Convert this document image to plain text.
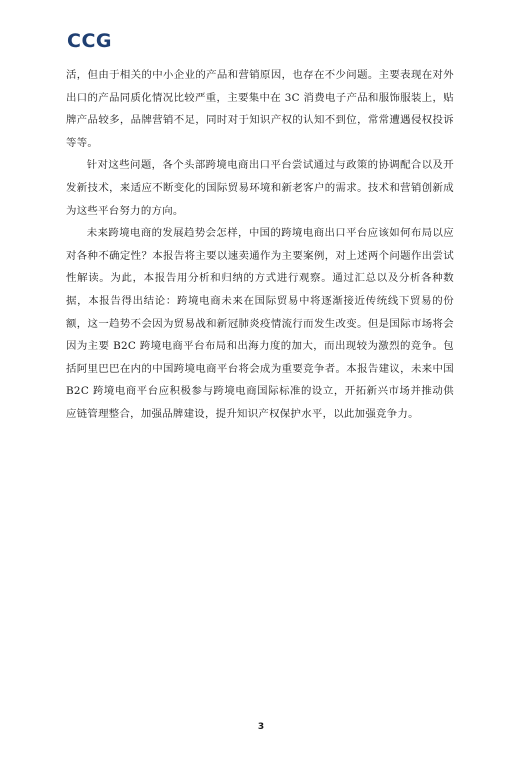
CCG

活，但由于相关的中小企业的产品和营销原因，也存在不少问题。主要表现在对外出口的产品同质化情况比较严重，主要集中在 3C 消费电子产品和服饰服装上，贴牌产品较多，品牌营销不足，同时对于知识产权的认知不到位，常常遭遇侵权投诉等等。

针对这些问题，各个头部跨境电商出口平台尝试通过与政策的协调配合以及开发新技术，来适应不断变化的国际贸易环境和新老客户的需求。技术和营销创新成为这些平台努力的方向。

未来跨境电商的发展趋势会怎样，中国的跨境电商出口平台应该如何布局以应对各种不确定性？本报告将主要以速卖通作为主要案例，对上述两个问题作出尝试性解读。为此，本报告用分析和归纳的方式进行观察。通过汇总以及分析各种数据，本报告得出结论：跨境电商未来在国际贸易中将逐渐接近传统线下贸易的份额，这一趋势不会因为贸易战和新冠肺炎疫情流行而发生改变。但是国际市场将会因为主要 B2C 跨境电商平台布局和出海力度的加大，而出现较为激烈的竞争。包括阿里巴巴在内的中国跨境电商平台将会成为重要竞争者。本报告建议，未来中国 B2C 跨境电商平台应积极参与跨境电商国际标准的设立，开拓新兴市场并推动供应链管理整合，加强品牌建设，提升知识产权保护水平，以此加强竞争力。

3
